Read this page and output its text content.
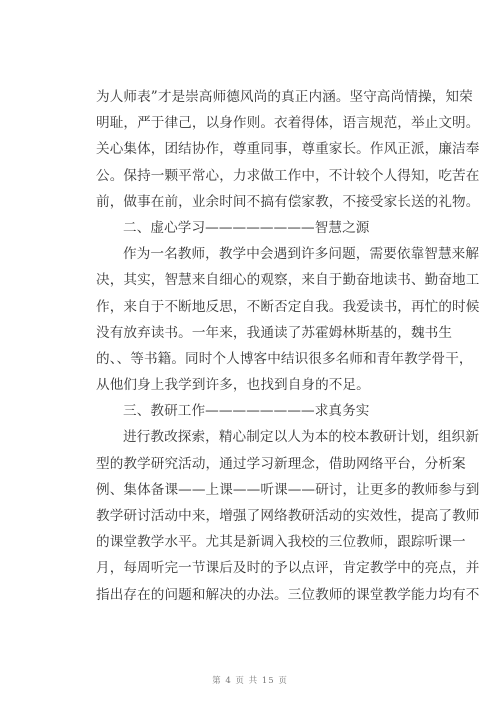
为人师表”才是崇高师德风尚的真正内涵。坚守高尚情操，知荣
明耻，严于律己，以身作则。衣着得体，语言规范，举止文明。
关心集体，团结协作，尊重同事，尊重家长。作风正派，廉洁奉
公。保持一颗平常心，力求做工作中，不计较个人得知，吃苦在
前，做事在前，业余时间不搞有偿家教，不接受家长送的礼物。
二、虚心学习————————智慧之源
作为一名教师，教学中会遇到许多问题，需要依靠智慧来解
决，其实，智慧来自细心的观察，来自于勤奋地读书、勤奋地工
作，来自于不断地反思，不断否定自我。我爱读书，再忙的时候
没有放弃读书。一年来，我通读了苏霍姆林斯基的，魏书生
的、、等书籍。同时个人博客中结识很多名师和青年教学骨干，
从他们身上我学到许多，也找到自身的不足。
三、教研工作————————求真务实
进行教改探索，精心制定以人为本的校本教研计划，组织新
型的教学研究活动，通过学习新理念，借助网络平台，分析案
例、集体备课——上课——听课——研讨，让更多的教师参与到
教学研讨活动中来，增强了网络教研活动的实效性，提高了教师
的课堂教学水平。尤其是新调入我校的三位教师，跟踪听课一
月，每周听完一节课后及时的予以点评，肯定教学中的亮点，并
指出存在的问题和解决的办法。三位教师的课堂教学能力均有不
第 4 页 共 15 页
